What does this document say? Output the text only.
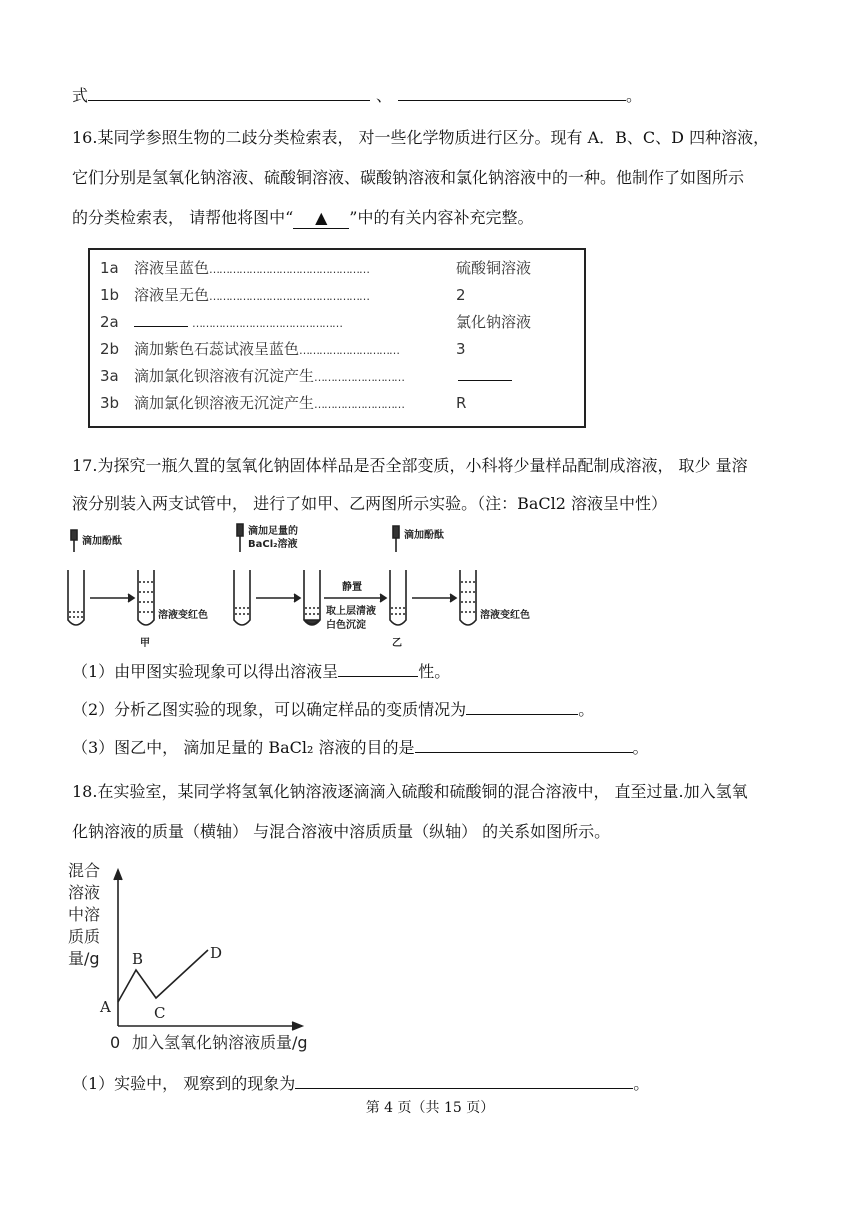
式	、	。
16.某同学参照生物的二歧分类检索表， 对一些化学物质进行区分。现有 A．B、C、D 四种溶液，
它们分别是氢氧化钠溶液、硫酸铜溶液、碳酸钠溶液和氯化钠溶液中的一种。他制作了如图所示
的分类检索表， 请帮他将图中“ ▲ ”中的有关内容补充完整。
1a 溶液呈蓝色…………………………………………	硫酸铜溶液
1b 溶液呈无色…………………………………………	2
2a	………………………………………	氯化钠溶液
2b 滴加紫色石蕊试液呈蓝色…………………………	3
3a 滴加氯化钡溶液有沉淀产生………………………
3b 滴加氯化钡溶液无沉淀产生………………………	R
17.为探究一瓶久置的氢氧化钠固体样品是否全部变质，小科将少量样品配制成溶液， 取少 量溶
液分别装入两支试管中， 进行了如甲、乙两图所示实验。（注：BaCl2 溶液呈中性）
滴加酚酞
溶液变红色
甲
滴加足量的
BaCl₂溶液
静置
取上层清液
白色沉淀
滴加酚酞
乙
溶液变红色
（1）由甲图实验现象可以得出溶液呈	性。
（2）分析乙图实验的现象，可以确定样品的变质情况为	。
（3）图乙中， 滴加足量的 BaCl₂ 溶液的目的是	。
18.在实验室，某同学将氢氧化钠溶液逐滴滴入硫酸和硫酸铜的混合溶液中， 直至过量.加入氢氧
化钠溶液的质量（横轴） 与混合溶液中溶质质量（纵轴） 的关系如图所示。
混合
溶液
中溶
质质
量/g
0 加入氢氧化钠溶液质量/g
A
B
C
D
（1）实验中， 观察到的现象为	。
第 4 页（共 15 页）
